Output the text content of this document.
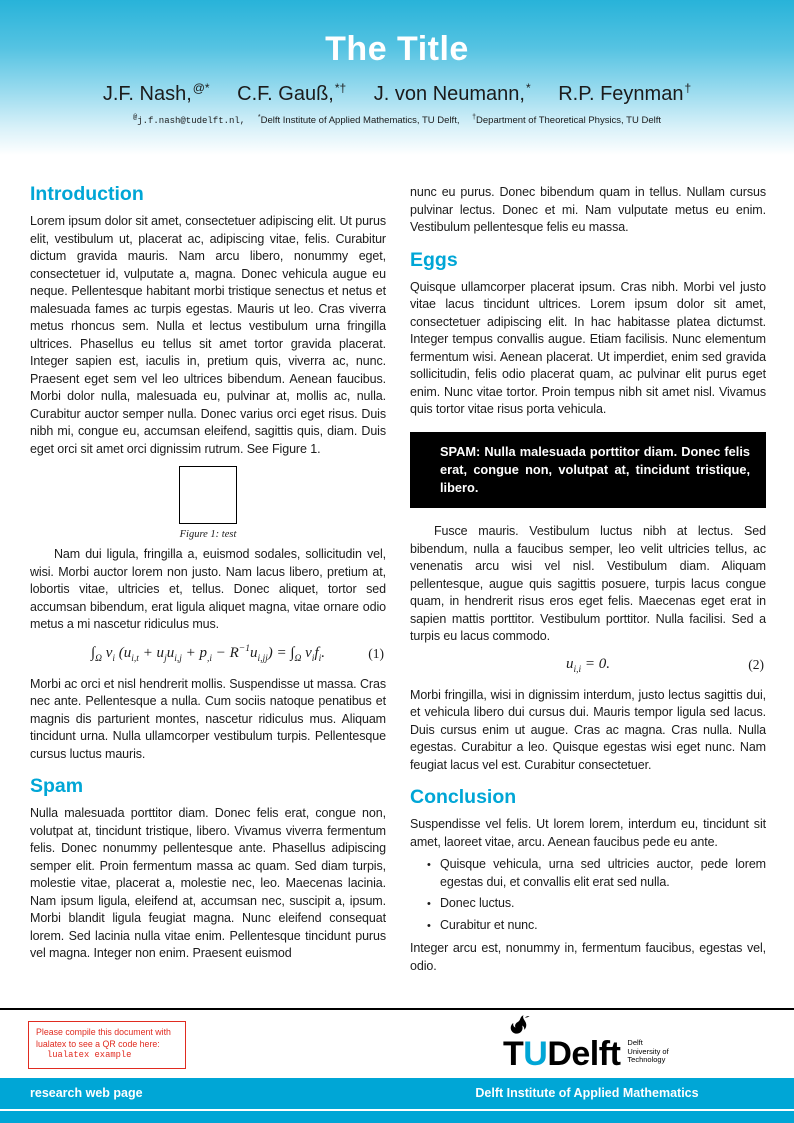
The Title
J.F. Nash,@* C.F. Gauß,*† J. von Neumann,* R.P. Feynman†
@j.f.nash@tudelft.nl, *Delft Institute of Applied Mathematics, TU Delft, †Department of Theoretical Physics, TU Delft
Introduction

Lorem ipsum dolor sit amet, consectetuer adipiscing elit. Ut purus elit, vestibulum ut, placerat ac, adipiscing vitae, felis. Curabitur dictum gravida mauris. Nam arcu libero, nonummy eget, consectetuer id, vulputate a, magna. Donec vehicula augue eu neque. Pellentesque habitant morbi tristique senectus et netus et malesuada fames ac turpis egestas. Mauris ut leo. Cras viverra metus rhoncus sem. Nulla et lectus vestibulum urna fringilla ultrices. Phasellus eu tellus sit amet tortor gravida placerat. Integer sapien est, iaculis in, pretium quis, viverra ac, nunc. Praesent eget sem vel leo ultrices bibendum. Aenean faucibus. Morbi dolor nulla, malesuada eu, pulvinar at, mollis ac, nulla. Curabitur auctor semper nulla. Donec varius orci eget risus. Duis nibh mi, congue eu, accumsan eleifend, sagittis quis, diam. Duis eget orci sit amet orci dignissim rutrum. See Figure 1.

Figure 1: test

Nam dui ligula, fringilla a, euismod sodales, sollicitudin vel, wisi. Morbi auctor lorem non justo. Nam lacus libero, pretium at, lobortis vitae, ultricies et, tellus. Donec aliquet, tortor sed accumsan bibendum, erat ligula aliquet magna, vitae ornare odio metus a mi nascetur ridiculus mus.

$\int_\Omega$ $v_i$ $(u_{i,t} + u_ju_{i,j} + p_{,i} - R^{-1}u_{i,jj}) = \int_\Omega$ $v_if_i$.	(1)

Morbi ac orci et nisl hendrerit mollis. Suspendisse ut massa. Cras nec ante. Pellentesque a nulla. Cum sociis natoque penatibus et magnis dis parturient montes, nascetur ridiculus mus. Aliquam tincidunt urna. Nulla ullamcorper vestibulum turpis. Pellentesque cursus luctus mauris.

Spam

Nulla malesuada porttitor diam. Donec felis erat, congue non, volutpat at, tincidunt tristique, libero. Vivamus viverra fermentum felis. Donec nonummy pellentesque ante. Phasellus adipiscing semper elit. Proin fermentum massa ac quam. Sed diam turpis, molestie vitae, placerat a, molestie nec, leo. Maecenas lacinia. Nam ipsum ligula, eleifend at, accumsan nec, suscipit a, ipsum. Morbi blandit ligula feugiat magna. Nunc eleifend consequat lorem. Sed lacinia nulla vitae enim. Pellentesque tincidunt purus vel magna. Integer non enim. Praesent euismod

nunc eu purus. Donec bibendum quam in tellus. Nullam cursus pulvinar lectus. Donec et mi. Nam vulputate metus eu enim. Vestibulum pellentesque felis eu massa.

Eggs

Quisque ullamcorper placerat ipsum. Cras nibh. Morbi vel justo vitae lacus tincidunt ultrices. Lorem ipsum dolor sit amet, consectetuer adipiscing elit. In hac habitasse platea dictumst. Integer tempus convallis augue. Etiam facilisis. Nunc elementum fermentum wisi. Aenean placerat. Ut imperdiet, enim sed gravida sollicitudin, felis odio placerat quam, ac pulvinar elit purus eget enim. Nunc vitae tortor. Proin tempus nibh sit amet nisl. Vivamus quis tortor vitae risus porta vehicula.

SPAM: Nulla malesuada porttitor diam. Donec felis erat, congue non, volutpat at, tincidunt tristique, libero.

Fusce mauris. Vestibulum luctus nibh at lectus. Sed bibendum, nulla a faucibus semper, leo velit ultricies tellus, ac venenatis arcu wisi vel nisl. Vestibulum diam. Aliquam pellentesque, augue quis sagittis posuere, turpis lacus congue quam, in hendrerit risus eros eget felis. Maecenas eget erat in sapien mattis porttitor. Vestibulum porttitor. Nulla facilisi. Sed a turpis eu lacus commodo.

$u_{i,i} = 0$.	(2)

Morbi fringilla, wisi in dignissim interdum, justo lectus sagittis dui, et vehicula libero dui cursus dui. Mauris tempor ligula sed lacus. Duis cursus enim ut augue. Cras ac magna. Cras nulla. Nulla egestas. Curabitur a leo. Quisque egestas wisi eget nunc. Nam feugiat lacus vel est. Curabitur consectetuer.

Conclusion

Suspendisse vel felis. Ut lorem lorem, interdum eu, tincidunt sit amet, laoreet vitae, arcu. Aenean faucibus pede eu ante.

• Quisque vehicula, urna sed ultricies auctor, pede lorem egestas dui, et convallis elit erat sed nulla.
• Donec luctus.
• Curabitur et nunc.

Integer arcu est, nonummy in, fermentum faucibus, egestas vel, odio.

Please compile this document with
lualatex to see a QR code here:
lualatex example	TUDelft Delft
University of
Technology
research web page	Delft Institute of Applied Mathematics
